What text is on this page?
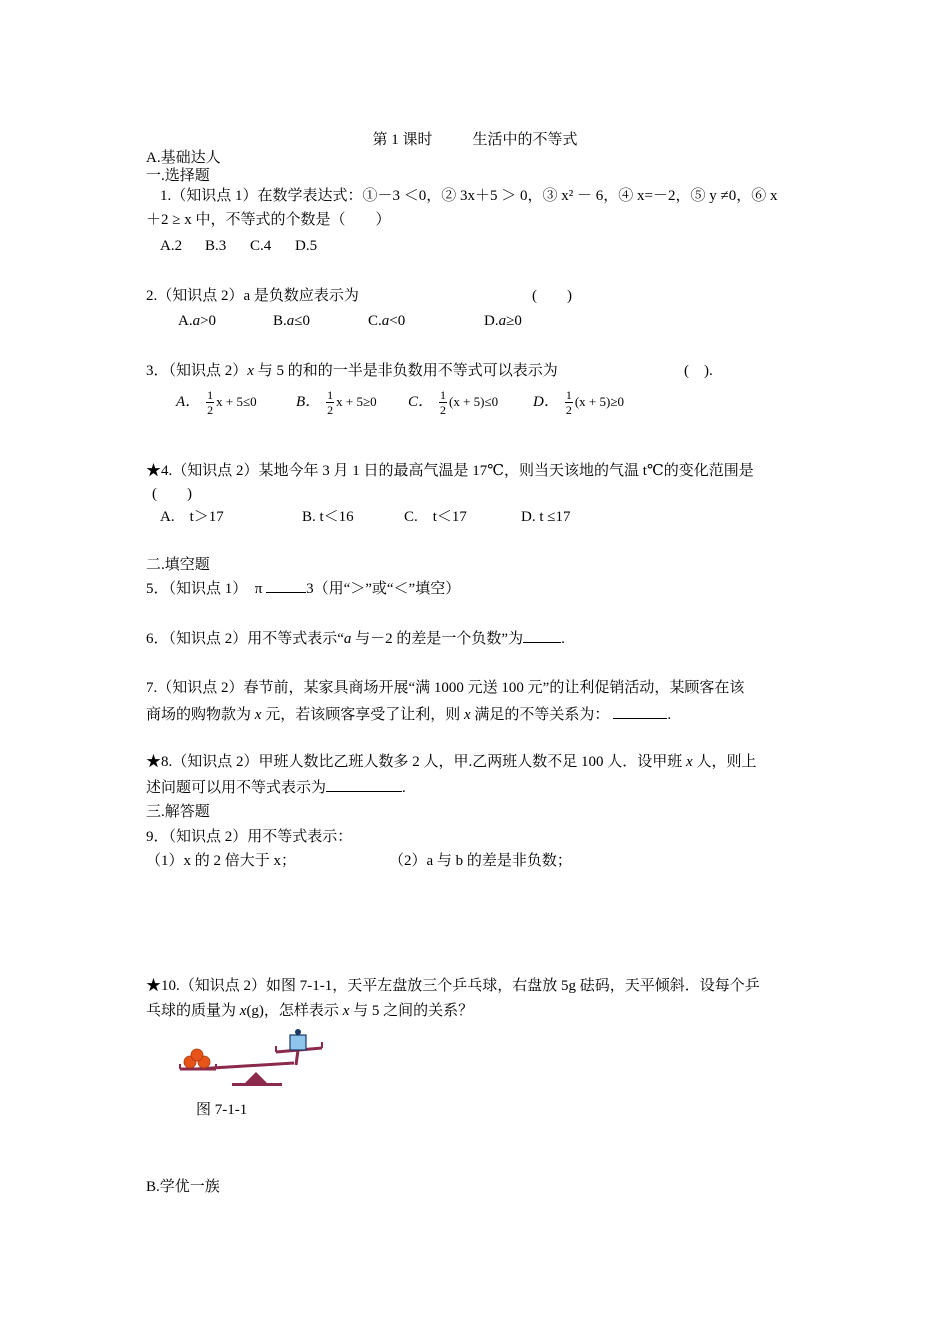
第 1 课时	生活中的不等式
A.基础达人
一.选择题
1.（知识点 1）在数学表达式：①－3 ＜0，② 3x＋5 ＞ 0，③ x² － 6，④ x=－2，⑤ y ≠0，⑥ x
＋2 ≥ x 中，不等式的个数是（　　）
A.2 B.3 C.4 D.5
2.（知识点 2）a 是负数应表示为	(　　)
A.a>0	B.a≤0	C.a<0	D.a≥0
3．（知识点 2）x 与 5 的和的一半是非负数用不等式可以表示为	(　).
A． $\frac{1}{2}$ x + 5≤0	B． $\frac{1}{2}$ x + 5≥0 C． $\frac{1}{2} (x + 5)\le 0$ D． $\frac{1}{2} (x + 5)\ge 0$
★4.（知识点 2）某地今年 3 月 1 日的最高气温是 17℃，则当天该地的气温 t℃的变化范围是
(　　)
A.　t＞17	B. t＜16	C.　t＜17	D. t ≤17
二.填空题
5．（知识点 1）　π	3（用“＞”或“＜”填空）
6．（知识点 2）用不等式表示“a 与－2 的差是一个负数”为	.
7.（知识点 2）春节前，某家具商场开展“满 1000 元送 100 元”的让利促销活动，某顾客在该
商场的购物款为 x 元，若该顾客享受了让利，则 x 满足的不等关系为：	.
★8.（知识点 2）甲班人数比乙班人数多 2 人，甲.乙两班人数不足 100 人．设甲班 x 人，则上
述问题可以用不等式表示为	.
三.解答题
9．（知识点 2）用不等式表示：
（1）x 的 2 倍大于 x；	（2）a 与 b 的差是非负数；
★10.（知识点 2）如图 7-1-1，天平左盘放三个乒乓球，右盘放 5g 砝码，天平倾斜．设每个乒
乓球的质量为 x(g)，怎样表示 x 与 5 之间的关系？
图 7-1-1
B.学优一族
